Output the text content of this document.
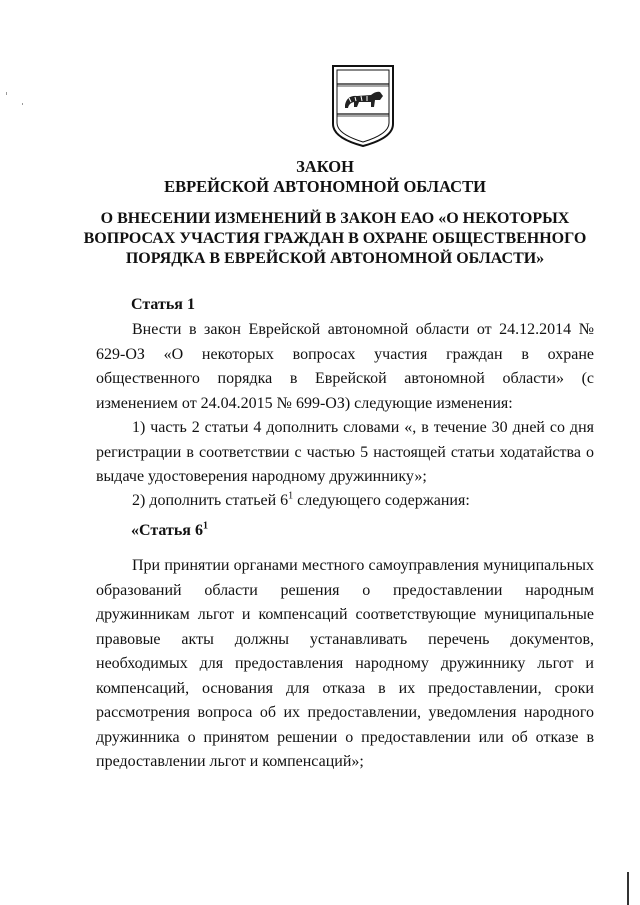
ЗАКОН
ЕВРЕЙСКОЙ АВТОНОМНОЙ ОБЛАСТИ
О ВНЕСЕНИИ ИЗМЕНЕНИЙ В ЗАКОН ЕАО «О НЕКОТОРЫХ ВОПРОСАХ УЧАСТИЯ ГРАЖДАН В ОХРАНЕ ОБЩЕСТВЕННОГО ПОРЯДКА В ЕВРЕЙСКОЙ АВТОНОМНОЙ ОБЛАСТИ»
Статья 1

Внести в закон Еврейской автономной области от 24.12.2014 № 629-ОЗ «О некоторых вопросах участия граждан в охране общественного порядка в Еврейской автономной области» (с изменением от 24.04.2015 № 699-ОЗ) следующие изменения:

1) часть 2 статьи 4 дополнить словами «, в течение 30 дней со дня регистрации в соответствии с частью 5 настоящей статьи ходатайства о выдаче удостоверения народному дружиннику»;

2) дополнить статьей $6^1$ следующего содержания:

«Статья $6^1$

При принятии органами местного самоуправления муниципальных образований области решения о предоставлении народным дружинникам льгот и компенсаций соответствующие муниципальные правовые акты должны устанавливать перечень документов, необходимых для предоставления народному дружиннику льгот и компенсаций, основания для отказа в их предоставлении, сроки рассмотрения вопроса об их предоставлении, уведомления народного дружинника о принятом решении о предоставлении или об отказе в предоставлении льгот и компенсаций»;
